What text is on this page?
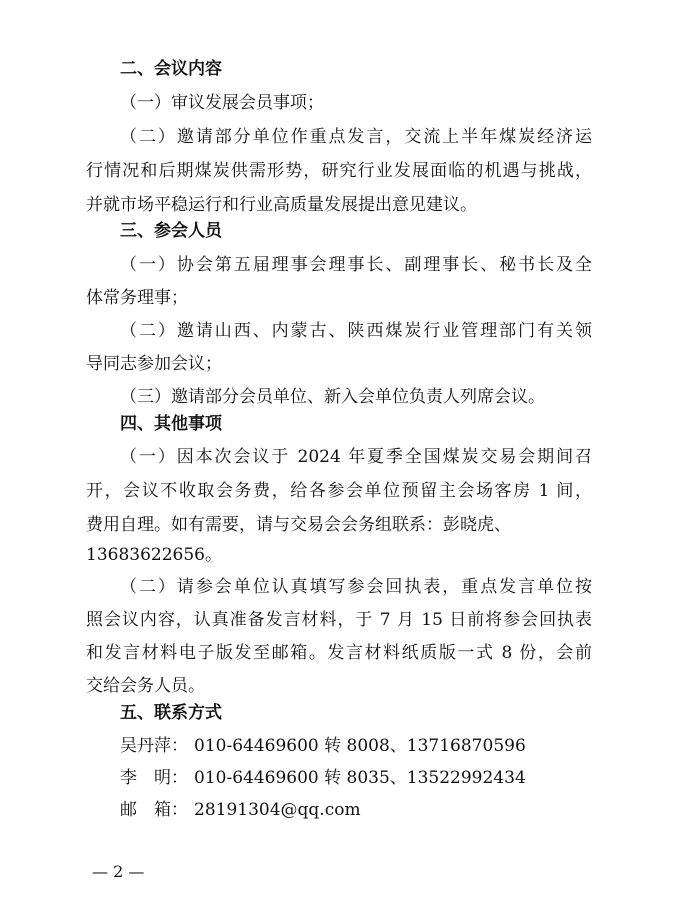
二、会议内容
（一）审议发展会员事项；
（二）邀请部分单位作重点发言，交流上半年煤炭经济运
行情况和后期煤炭供需形势，研究行业发展面临的机遇与挑战，
并就市场平稳运行和行业高质量发展提出意见建议。
三、参会人员
（一）协会第五届理事会理事长、副理事长、秘书长及全
体常务理事；
（二）邀请山西、内蒙古、陕西煤炭行业管理部门有关领
导同志参加会议；
（三）邀请部分会员单位、新入会单位负责人列席会议。
四、其他事项
（一）因本次会议于 2024 年夏季全国煤炭交易会期间召
开，会议不收取会务费，给各参会单位预留主会场客房 1 间，
费用自理。如有需要，请与交易会会务组联系：彭晓虎、
13683622656。
（二）请参会单位认真填写参会回执表，重点发言单位按
照会议内容，认真准备发言材料，于 7 月 15 日前将参会回执表
和发言材料电子版发至邮箱。发言材料纸质版一式 8 份，会前
交给会务人员。
五、联系方式
吴丹萍： 010-64469600 转 8008、13716870596
李　明： 010-64469600 转 8035、13522992434
邮　箱： 28191304@qq.com
— 2 —
